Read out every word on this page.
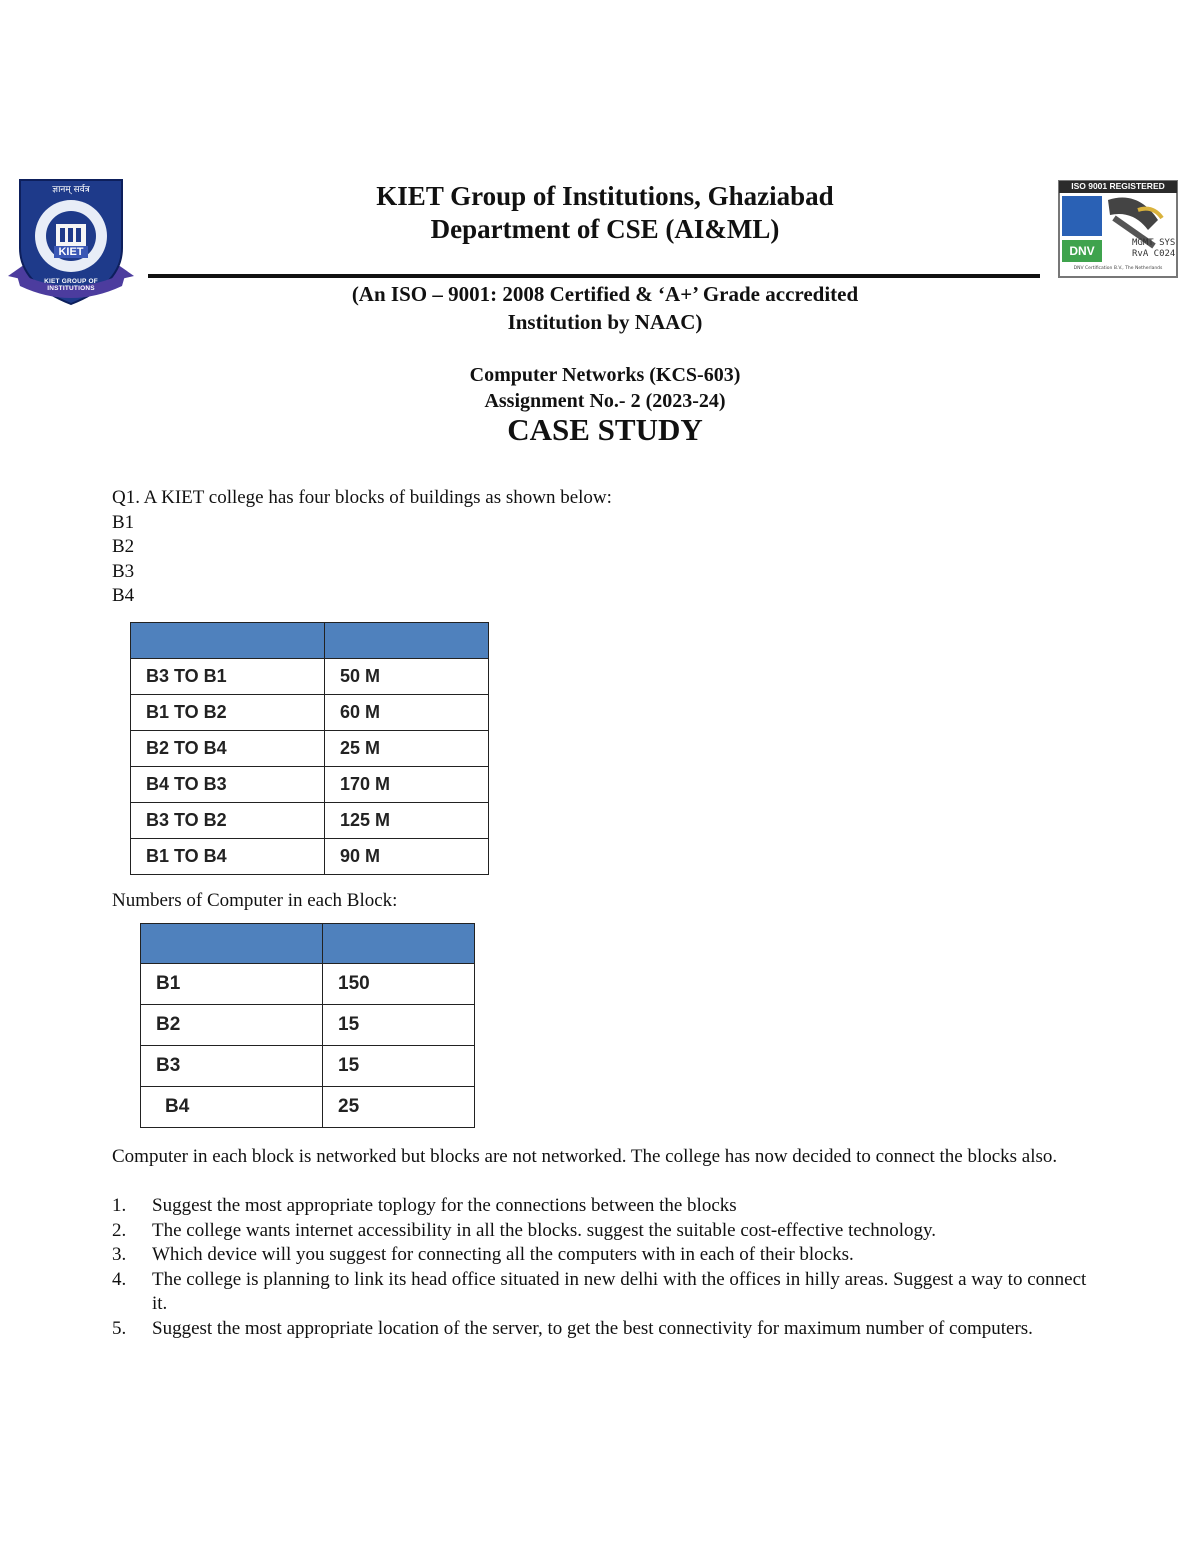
ज्ञानम् सर्वत्र
KIET
KIET GROUP OF INSTITUTIONS
ISO 9001 REGISTERED
DNV
MGMT SYS RvA C024
DNV Certification B.V., The Netherlands
KIET Group of Institutions, Ghaziabad
Department of CSE (AI&ML)
(An ISO – 9001: 2008 Certified & ‘A+’ Grade accredited
Institution by NAAC)
Computer Networks (KCS-603)
Assignment No.- 2 (2023-24)
CASE STUDY
Q1. A KIET college has four blocks of buildings as shown below:
B1
B2
B3
B4

B3 TO B1	50 M
B1 TO B2	60 M
B2 TO B4	25 M
B4 TO B3	170 M
B3 TO B2	125 M
B1 TO B4	90 M
Numbers of Computer in each Block:

B1	150
B2	15
B3	15
B4	25
Computer in each block is networked but blocks are not networked. The college has now decided to connect the blocks also.
1.	Suggest the most appropriate toplogy for the connections between the blocks
2.	The college wants internet accessibility in all the blocks. suggest the suitable cost-effective technology.
3.	Which device will you suggest for connecting all the computers with in each of their blocks.
4.	The college is planning to link its head office situated in new delhi with the offices in hilly areas. Suggest a way to connect it.
5.	Suggest the most appropriate location of the server, to get the best connectivity for maximum number of computers.
